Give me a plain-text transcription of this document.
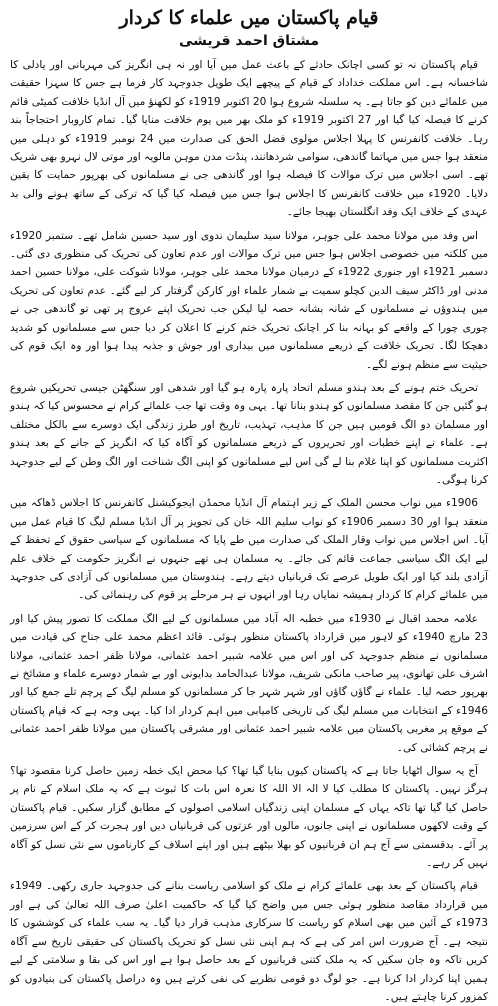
قیام پاکستان میں علماء کا کردار
مشتاق احمد قریشی

قیام پاکستان نہ تو کسی اچانک حادثے کے باعث عمل میں آیا اور نہ ہی انگریز کی مہربانی اور یادلی کا شاخسانہ ہے۔ اس مملکت خداداد کے قیام کے پیچھے ایک طویل جدوجہد کار فرما ہے جس کا سہرا حقیقت میں علمائے دین کو جاتا ہے۔ یہ سلسلہ شروع ہوا 20 اکتوبر 1919ء کو لکھنؤ میں آل انڈیا خلافت کمیٹی قائم کرنے کا فیصلہ کیا گیا اور 27 اکتوبر 1919ء کو ملک بھر میں یوم خلافت منایا گیا۔ تمام کاروبار احتجاجاً بند رہا۔ خلافت کانفرنس کا پہلا اجلاس مولوی فضل الحق کی صدارت میں 24 نومبر 1919ء کو دہلی میں منعقد ہوا جس میں مہاتما گاندھی، سوامی شردھانند، پنڈت مدن موہن مالویہ اور موتی لال نہرو بھی شریک تھے۔ اسی اجلاس میں ترک موالات کا فیصلہ ہوا اور گاندھی جی نے مسلمانوں کی بھرپور حمایت کا یقین دلایا۔ 1920ء میں خلافت کانفرنس کا اجلاس ہوا جس میں فیصلہ کیا گیا کہ ترکی کے ساتھ ہونے والی بد عہدی کے خلاف ایک وفد انگلستان بھیجا جائے۔

اس وفد میں مولانا محمد علی جوہر، مولانا سید سلیمان ندوی اور سید حسین شامل تھے۔ ستمبر 1920ء میں کلکتہ میں خصوصی اجلاس ہوا جس میں ترک موالات اور عدم تعاون کی تحریک کی منظوری دی گئی۔ دسمبر 1921ء اور جنوری 1922ء کے درمیان مولانا محمد علی جوہر، مولانا شوکت علی، مولانا حسین احمد مدنی اور ڈاکٹر سیف الدین کچلو سمیت بے شمار علماء اور کارکن گرفتار کر لیے گئے۔ عدم تعاون کی تحریک میں ہندوؤں نے مسلمانوں کے شانہ بشانہ حصہ لیا لیکن جب تحریک اپنے عروج پر تھی تو گاندھی جی نے چوری چورا کے واقعے کو بہانہ بنا کر اچانک تحریک ختم کرنے کا اعلان کر دیا جس سے مسلمانوں کو شدید دھچکا لگا۔ تحریک خلافت کے ذریعے مسلمانوں میں بیداری اور جوش و جذبہ پیدا ہوا اور وہ ایک قوم کی حیثیت سے منظم ہونے لگے۔

تحریک ختم ہونے کے بعد ہندو مسلم اتحاد پارہ پارہ ہو گیا اور شدھی اور سنگھٹن جیسی تحریکیں شروع ہو گئیں جن کا مقصد مسلمانوں کو ہندو بنانا تھا۔ یہی وہ وقت تھا جب علمائے کرام نے محسوس کیا کہ ہندو اور مسلمان دو الگ قومیں ہیں جن کا مذہب، تہذیب، تاریخ اور طرز زندگی ایک دوسرے سے بالکل مختلف ہے۔ علماء نے اپنے خطبات اور تحریروں کے ذریعے مسلمانوں کو آگاہ کیا کہ انگریز کے جانے کے بعد ہندو اکثریت مسلمانوں کو اپنا غلام بنا لے گی اس لیے مسلمانوں کو اپنی الگ شناخت اور الگ وطن کے لیے جدوجہد کرنا ہوگی۔

1906ء میں نواب محسن الملک کے زیر اہتمام آل انڈیا محمڈن ایجوکیشنل کانفرنس کا اجلاس ڈھاکہ میں منعقد ہوا اور 30 دسمبر 1906ء کو نواب سلیم اللہ خان کی تجویز پر آل انڈیا مسلم لیگ کا قیام عمل میں آیا۔ اس اجلاس میں نواب وقار الملک کی صدارت میں طے پایا کہ مسلمانوں کے سیاسی حقوق کے تحفظ کے لیے ایک الگ سیاسی جماعت قائم کی جائے۔ یہ مسلمان ہی تھے جنہوں نے انگریز حکومت کے خلاف علم آزادی بلند کیا اور ایک طویل عرصے تک قربانیاں دیتے رہے۔ ہندوستان میں مسلمانوں کی آزادی کی جدوجہد میں علمائے کرام کا کردار ہمیشہ نمایاں رہا اور انہوں نے ہر مرحلے پر قوم کی رہنمائی کی۔

علامہ محمد اقبال نے 1930ء میں خطبہ الہ آباد میں مسلمانوں کے لیے الگ مملکت کا تصور پیش کیا اور 23 مارچ 1940ء کو لاہور میں قرارداد پاکستان منظور ہوئی۔ قائد اعظم محمد علی جناح کی قیادت میں مسلمانوں نے منظم جدوجہد کی اور اس میں علامہ شبیر احمد عثمانی، مولانا ظفر احمد عثمانی، مولانا اشرف علی تھانوی، پیر صاحب مانکی شریف، مولانا عبدالحامد بدایونی اور بے شمار دوسرے علماء و مشائخ نے بھرپور حصہ لیا۔ علماء نے گاؤں گاؤں اور شہر شہر جا کر مسلمانوں کو مسلم لیگ کے پرچم تلے جمع کیا اور 1946ء کے انتخابات میں مسلم لیگ کی تاریخی کامیابی میں اہم کردار ادا کیا۔ یہی وجہ ہے کہ قیام پاکستان کے موقع پر مغربی پاکستان میں علامہ شبیر احمد عثمانی اور مشرقی پاکستان میں مولانا ظفر احمد عثمانی نے پرچم کشائی کی۔

آج یہ سوال اٹھایا جاتا ہے کہ پاکستان کیوں بنایا گیا تھا؟ کیا محض ایک خطہ زمین حاصل کرنا مقصود تھا؟ ہرگز نہیں۔ پاکستان کا مطلب کیا لا الہ الا اللہ کا نعرہ اس بات کا ثبوت ہے کہ یہ ملک اسلام کے نام پر حاصل کیا گیا تھا تاکہ یہاں کے مسلمان اپنی زندگیاں اسلامی اصولوں کے مطابق گزار سکیں۔ قیام پاکستان کے وقت لاکھوں مسلمانوں نے اپنی جانوں، مالوں اور عزتوں کی قربانیاں دیں اور ہجرت کر کے اس سرزمین پر آئے۔ بدقسمتی سے آج ہم ان قربانیوں کو بھلا بیٹھے ہیں اور اپنے اسلاف کے کارناموں سے نئی نسل کو آگاہ نہیں کر رہے۔

قیام پاکستان کے بعد بھی علمائے کرام نے ملک کو اسلامی ریاست بنانے کی جدوجہد جاری رکھی۔ 1949ء میں قرارداد مقاصد منظور ہوئی جس میں واضح کیا گیا کہ حاکمیت اعلیٰ صرف اللہ تعالیٰ کی ہے اور 1973ء کے آئین میں بھی اسلام کو ریاست کا سرکاری مذہب قرار دیا گیا۔ یہ سب علماء کی کوششوں کا نتیجہ ہے۔ آج ضرورت اس امر کی ہے کہ ہم اپنی نئی نسل کو تحریک پاکستان کی حقیقی تاریخ سے آگاہ کریں تاکہ وہ جان سکیں کہ یہ ملک کتنی قربانیوں کے بعد حاصل ہوا ہے اور اس کی بقا و سلامتی کے لیے ہمیں اپنا کردار ادا کرنا ہے۔ جو لوگ دو قومی نظریے کی نفی کرتے ہیں وہ دراصل پاکستان کی بنیادوں کو کمزور کرنا چاہتے ہیں۔
